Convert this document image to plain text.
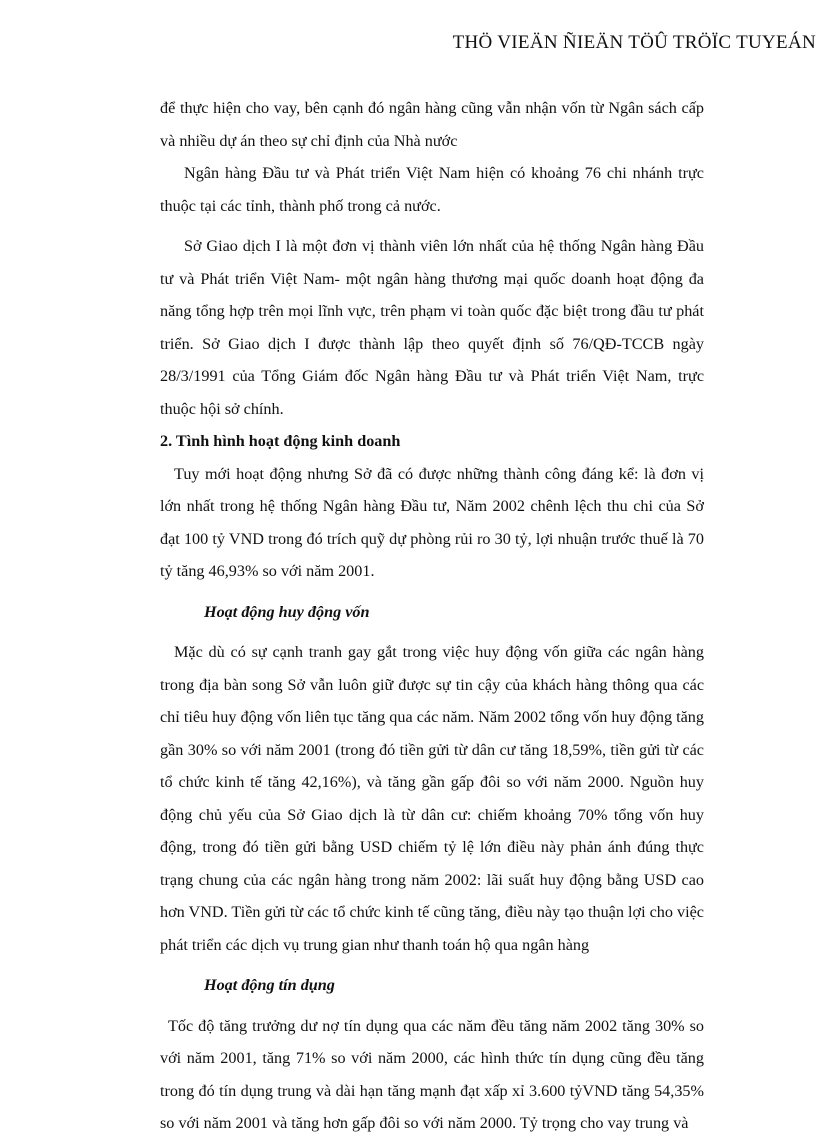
THÖ VIEÄN ÑIEÄN TÖÛ TRÖÏC TUYEÁN

để thực hiện cho vay, bên cạnh đó ngân hàng cũng vẫn nhận vốn từ Ngân sách cấp và nhiều dự án theo sự chỉ định của Nhà nước

Ngân hàng Đầu tư và Phát triển Việt Nam hiện có khoảng 76 chi nhánh trực thuộc tại các tỉnh, thành phố trong cả nước.

Sở Giao dịch I là một đơn vị thành viên lớn nhất của hệ thống Ngân hàng Đầu tư và Phát triển Việt Nam- một ngân hàng thương mại quốc doanh hoạt động đa năng tổng hợp trên mọi lĩnh vực, trên phạm vi toàn quốc đặc biệt trong đầu tư phát triển. Sở Giao dịch I được thành lập theo quyết định số 76/QĐ-TCCB ngày 28/3/1991 của Tổng Giám đốc Ngân hàng Đầu tư và Phát triển Việt Nam, trực thuộc hội sở chính.

2. Tình hình hoạt động kinh doanh

Tuy mới hoạt động nhưng Sở đã có được những thành công đáng kể: là đơn vị lớn nhất trong hệ thống Ngân hàng Đầu tư, Năm 2002 chênh lệch thu chi của Sở đạt 100 tỷ VND trong đó trích quỹ dự phòng rủi ro 30 tỷ, lợi nhuận trước thuế là 70 tỷ tăng 46,93% so với năm 2001.

Hoạt động huy động vốn

Mặc dù có sự cạnh tranh gay gắt trong việc huy động vốn giữa các ngân hàng trong địa bàn song Sở vẫn luôn giữ được sự tin cậy của khách hàng thông qua các chỉ tiêu huy động vốn liên tục tăng qua các năm. Năm 2002 tổng vốn huy động tăng gần 30% so với năm 2001 (trong đó tiền gửi từ dân cư tăng 18,59%, tiền gửi từ các tổ chức kinh tế tăng 42,16%), và tăng gần gấp đôi so với năm 2000. Nguồn huy động chủ yếu của Sở Giao dịch là từ dân cư: chiếm khoảng 70% tổng vốn huy động, trong đó tiền gửi bằng USD chiếm tỷ lệ lớn điều này phản ánh đúng thực trạng chung của các ngân hàng trong năm 2002: lãi suất huy động bằng USD cao hơn VND. Tiền gửi từ các tổ chức kinh tế cũng tăng, điều này tạo thuận lợi cho việc phát triển các dịch vụ trung gian như thanh toán hộ qua ngân hàng

Hoạt động tín dụng

Tốc độ tăng trưởng dư nợ tín dụng qua các năm đều tăng năm 2002 tăng 30% so với năm 2001, tăng 71% so với năm 2000, các hình thức tín dụng cũng đều tăng trong đó tín dụng trung và dài hạn tăng mạnh đạt xấp xỉ 3.600 tỷVND tăng 54,35% so với năm 2001 và tăng hơn gấp đôi so với năm 2000. Tỷ trọng cho vay trung và
